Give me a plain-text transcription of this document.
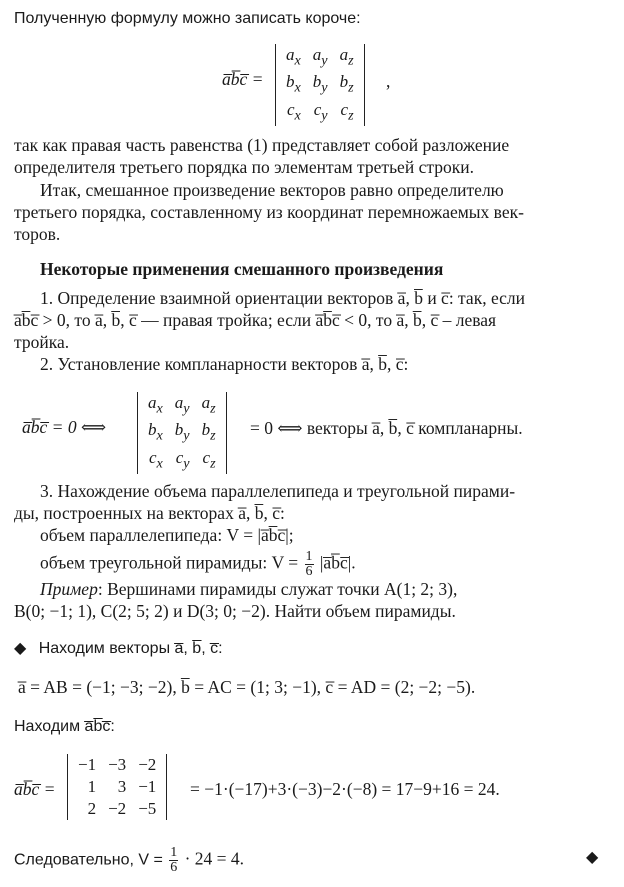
Полученную формулу можно записать короче:
a̅b̅c̅ =
$a_x$	$a_y$	$a_z$
$b_x$	$b_y$	$b_z$
$c_x$	$c_y$	$c_z$
,
так как правая часть равенства (1) представляет собой разложение
определителя третьего порядка по элементам третьей строки.
Итак, смешанное произведение векторов равно определителю
третьего порядка, составленному из координат перемножаемых век-
торов.
Некоторые применения смешанного произведения
1. Определение взаимной ориентации векторов a̅, b̅ и c̅: так, если
a̅b̅c̅ > 0, то a̅, b̅, c̅ — правая тройка; если a̅b̅c̅ < 0, то a̅, b̅, c̅ – левая
тройка.
2. Установление компланарности векторов a̅, b̅, c̅:
a̅b̅c̅ = 0 ⟺
$a_x$	$a_y$	$a_z$
$b_x$	$b_y$	$b_z$
$c_x$	$c_y$	$c_z$
= 0 ⟺ векторы a̅, b̅, c̅ компланарны.
3. Нахождение объема параллелепипеда и треугольной пирами-
ды, построенных на векторах a̅, b̅, c̅:
объем параллелепипеда: V = |a̅b̅c̅|;
объем треугольной пирамиды: $V = \frac{1}{6}$ |a̅b̅c̅|.
Пример: Вершинами пирамиды служат точки A(1; 2; 3),
B(0; −1; 1), C(2; 5; 2) и D(3; 0; −2). Найти объем пирамиды.
◆ Находим векторы a̅, b̅, c̅:
a̅ = AB = (−1; −3; −2), b̅ = AC = (1; 3; −1), c̅ = AD = (2; −2; −5).
Находим a̅b̅c̅:
a̅b̅c̅ =
−1	−3	−2
1	3	−1
2	−2	−5
= −1·(−17)+3·(−3)−2·(−8) = 17−9+16 = 24.
Следовательно, $V = \frac{1}{6} \cdot 24 = 4$.	◆
